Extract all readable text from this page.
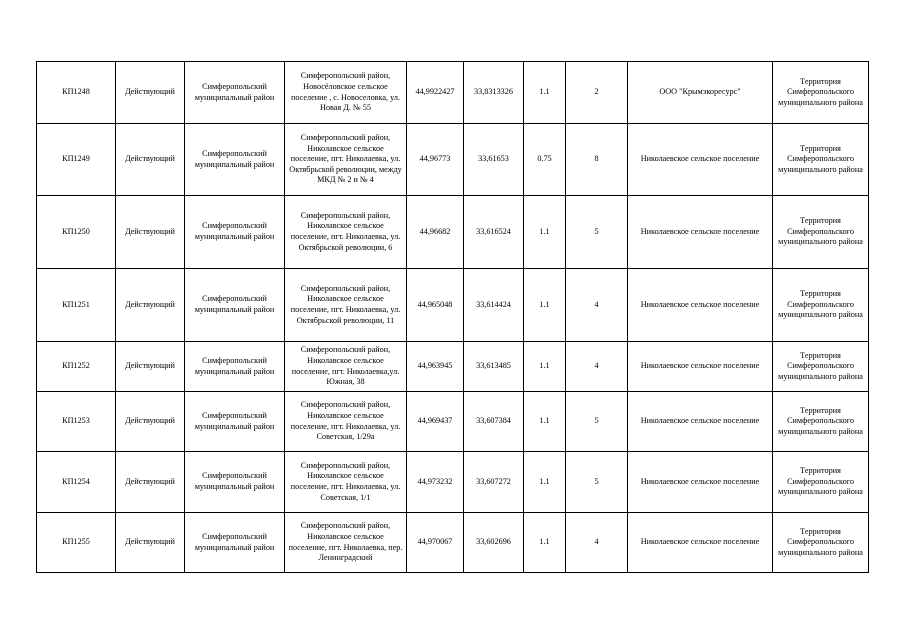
КП1248	Действующий	Симферопольский муниципальный район	Симферопольский район, Новосёловское сельское поселение , с. Новоселовка, ул. Новая Д. № 55	44,9922427	33,8313326	1.1	2	ООО "Крымэкоресурс"	Территория Симферопольского муниципального района
КП1249	Действующий	Симферопольский муниципальный район	Симферопольский район, Николавское сельское поселение, пгт. Николаевка, ул. Октябрьской революции, между МКД № 2 и № 4	44,96773	33,61653	0.75	8	Николаевское сельское поселение	Территория Симферопольского муниципального района
КП1250	Действующий	Симферопольский муниципальный район	Симферопольский район, Николавское сельское поселение, пгт. Николаевка, ул. Октябрьской революции, 6	44,96682	33,616524	1.1	5	Николаевское сельское поселение	Территория Симферопольского муниципального района
КП1251	Действующий	Симферопольский муниципальный район	Симферопольский район, Николавское сельское поселение, пгт. Николаевка, ул. Октябрьской революции, 11	44,965048	33,614424	1.1	4	Николаевское сельское поселение	Территория Симферопольского муниципального района
КП1252	Действующий	Симферопольский муниципальный район	Симферопольский район, Николавское сельское поселение, пгт. Николаевка,ул. Южная, 38	44,963945	33,613485	1.1	4	Николаевское сельское поселение	Территория Симферопольского муниципального района
КП1253	Действующий	Симферопольский муниципальный район	Симферопольский район, Николавское сельское поселение, пгт. Николаевка, ул. Советская, 1/29а	44,969437	33,607384	1.1	5	Николаевское сельское поселение	Территория Симферопольского муниципального района
КП1254	Действующий	Симферопольский муниципальный район	Симферопольский район, Николавское сельское поселение, пгт. Николаевка, ул. Советская, 1/1	44,973232	33,607272	1.1	5	Николаевское сельское поселение	Территория Симферопольского муниципального района
КП1255	Действующий	Симферопольский муниципальный район	Симферопольский район, Николавское сельское поселение, пгт. Николаевка, пер. Ленинградский	44,970067	33,602696	1.1	4	Николаевское сельское поселение	Территория Симферопольского муниципального района
